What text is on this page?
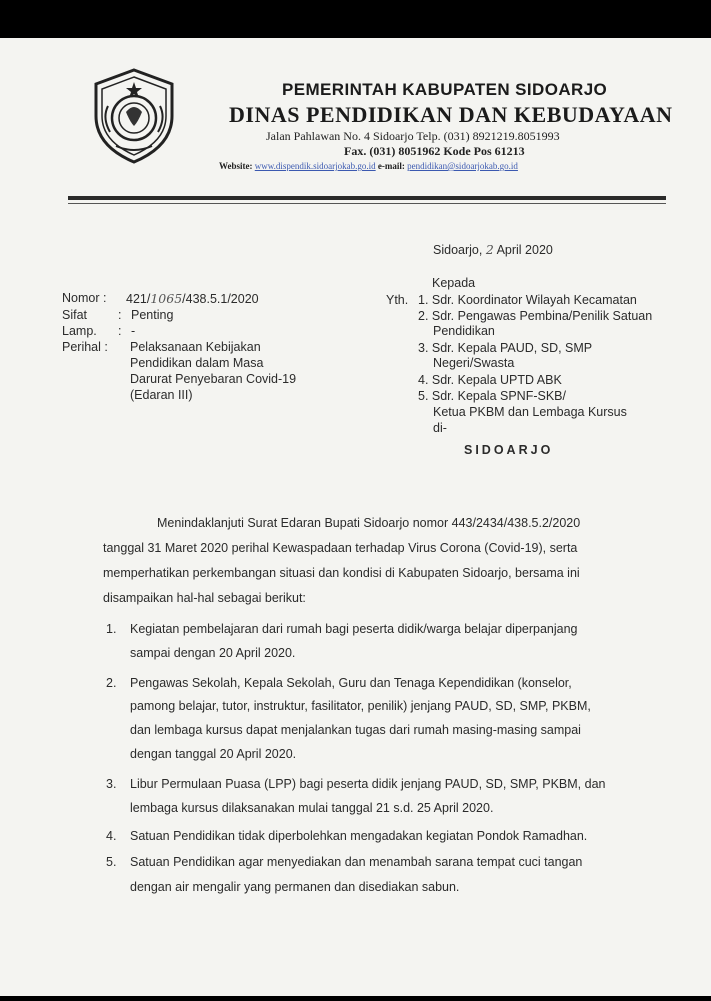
PEMERINTAH KABUPATEN SIDOARJO
DINAS PENDIDIKAN DAN KEBUDAYAAN
Jalan Pahlawan No. 4 Sidoarjo Telp. (031) 8921219.8051993
Fax. (031) 8051962 Kode Pos 61213
Website: www.dispendik.sidoarjokab.go.id e-mail: pendidikan@sidoarjokab.go.id
Sidoarjo, 2 April 2020
Kepada
Yth. 1. Sdr. Koordinator Wilayah Kecamatan
2. Sdr. Pengawas Pembina/Penilik Satuan
Pendidikan
3. Sdr. Kepala PAUD, SD, SMP
Negeri/Swasta
4. Sdr. Kepala UPTD ABK
5. Sdr. Kepala SPNF-SKB/
Ketua PKBM dan Lembaga Kursus
di-
SIDOARJO
Nomor : 421/1065/438.5.1/2020
Sifat : Penting
Lamp. : -
Perihal : Pelaksanaan Kebijakan
Pendidikan dalam Masa
Darurat Penyebaran Covid-19
(Edaran III)
Menindaklanjuti Surat Edaran Bupati Sidoarjo nomor 443/2434/438.5.2/2020
tanggal 31 Maret 2020 perihal Kewaspadaan terhadap Virus Corona (Covid-19), serta
memperhatikan perkembangan situasi dan kondisi di Kabupaten Sidoarjo, bersama ini
disampaikan hal-hal sebagai berikut:
1. Kegiatan pembelajaran dari rumah bagi peserta didik/warga belajar diperpanjang
sampai dengan 20 April 2020.
2. Pengawas Sekolah, Kepala Sekolah, Guru dan Tenaga Kependidikan (konselor,
pamong belajar, tutor, instruktur, fasilitator, penilik) jenjang PAUD, SD, SMP, PKBM,
dan lembaga kursus dapat menjalankan tugas dari rumah masing-masing sampai
dengan tanggal 20 April 2020.
3. Libur Permulaan Puasa (LPP) bagi peserta didik jenjang PAUD, SD, SMP, PKBM, dan
lembaga kursus dilaksanakan mulai tanggal 21 s.d. 25 April 2020.
4. Satuan Pendidikan tidak diperbolehkan mengadakan kegiatan Pondok Ramadhan.
5. Satuan Pendidikan agar menyediakan dan menambah sarana tempat cuci tangan
dengan air mengalir yang permanen dan disediakan sabun.
